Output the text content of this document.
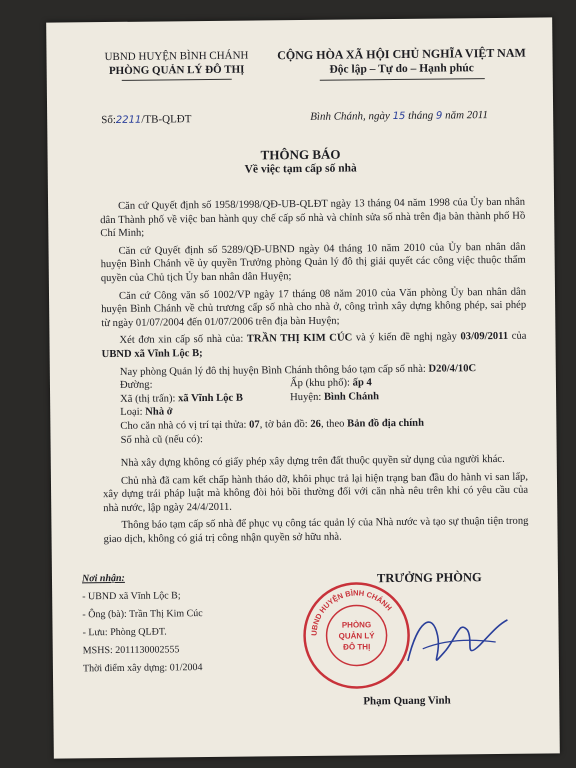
UBND HUYỆN BÌNH CHÁNH
PHÒNG QUẢN LÝ ĐÔ THỊ
CỘNG HÒA XÃ HỘI CHỦ NGHĨA VIỆT NAM
Độc lập – Tự do – Hạnh phúc
Số:2211/TB-QLĐT	Bình Chánh, ngày 15 tháng 9 năm 2011
THÔNG BÁO
Về việc tạm cấp số nhà

Căn cứ Quyết định số 1958/1998/QĐ-UB-QLĐT ngày 13 tháng 04 năm 1998 của Ủy ban nhân dân Thành phố về việc ban hành quy chế cấp số nhà và chỉnh sửa số nhà trên địa bàn thành phố Hồ Chí Minh;

Căn cứ Quyết định số 5289/QĐ-UBND ngày 04 tháng 10 năm 2010 của Ủy ban nhân dân huyện Bình Chánh về ủy quyền Trưởng phòng Quản lý đô thị giải quyết các công việc thuộc thẩm quyền của Chủ tịch Ủy ban nhân dân Huyện;

Căn cứ Công văn số 1002/VP ngày 17 tháng 08 năm 2010 của Văn phòng Ủy ban nhân dân huyện Bình Chánh về chủ trương cấp số nhà cho nhà ở, công trình xây dựng không phép, sai phép từ ngày 01/07/2004 đến 01/07/2006 trên địa bàn Huyện;

Xét đơn xin cấp số nhà của: TRẦN THỊ KIM CÚC và ý kiến đề nghị ngày 03/09/2011 của UBND xã Vĩnh Lộc B;

Nay phòng Quản lý đô thị huyện Bình Chánh thông báo tạm cấp số nhà: D20/4/10C
Đường:	Ấp (khu phố): ấp 4
Xã (thị trấn): xã Vĩnh Lộc B	Huyện: Bình Chánh
Loại: Nhà ở
Cho căn nhà có vị trí tại thửa: 07, tờ bản đồ: 26, theo Bản đồ địa chính

Số nhà cũ (nếu có):

Nhà xây dựng không có giấy phép xây dựng trên đất thuộc quyền sử dụng của người khác.

Chủ nhà đã cam kết chấp hành tháo dỡ, khôi phục trả lại hiện trạng ban đầu do hành vi san lấp, xây dựng trái pháp luật mà không đòi hỏi bồi thường đối với căn nhà nêu trên khi có yêu cầu của nhà nước, lập ngày 24/4/2011.

Thông báo tạm cấp số nhà để phục vụ công tác quản lý của Nhà nước và tạo sự thuận tiện trong giao dịch, không có giá trị công nhận quyền sở hữu nhà.

Nơi nhận:
- UBND xã Vĩnh Lộc B;
- Ông (bà): Trần Thị Kim Cúc
- Lưu: Phòng QLĐT.
MSHS: 2011130002555
Thời điểm xây dựng: 01/2004
TRƯỞNG PHÒNG
UBND HUYỆN BÌNH CHÁNH
PHÒNG
QUẢN LÝ
ĐÔ THỊ
Phạm Quang Vinh
